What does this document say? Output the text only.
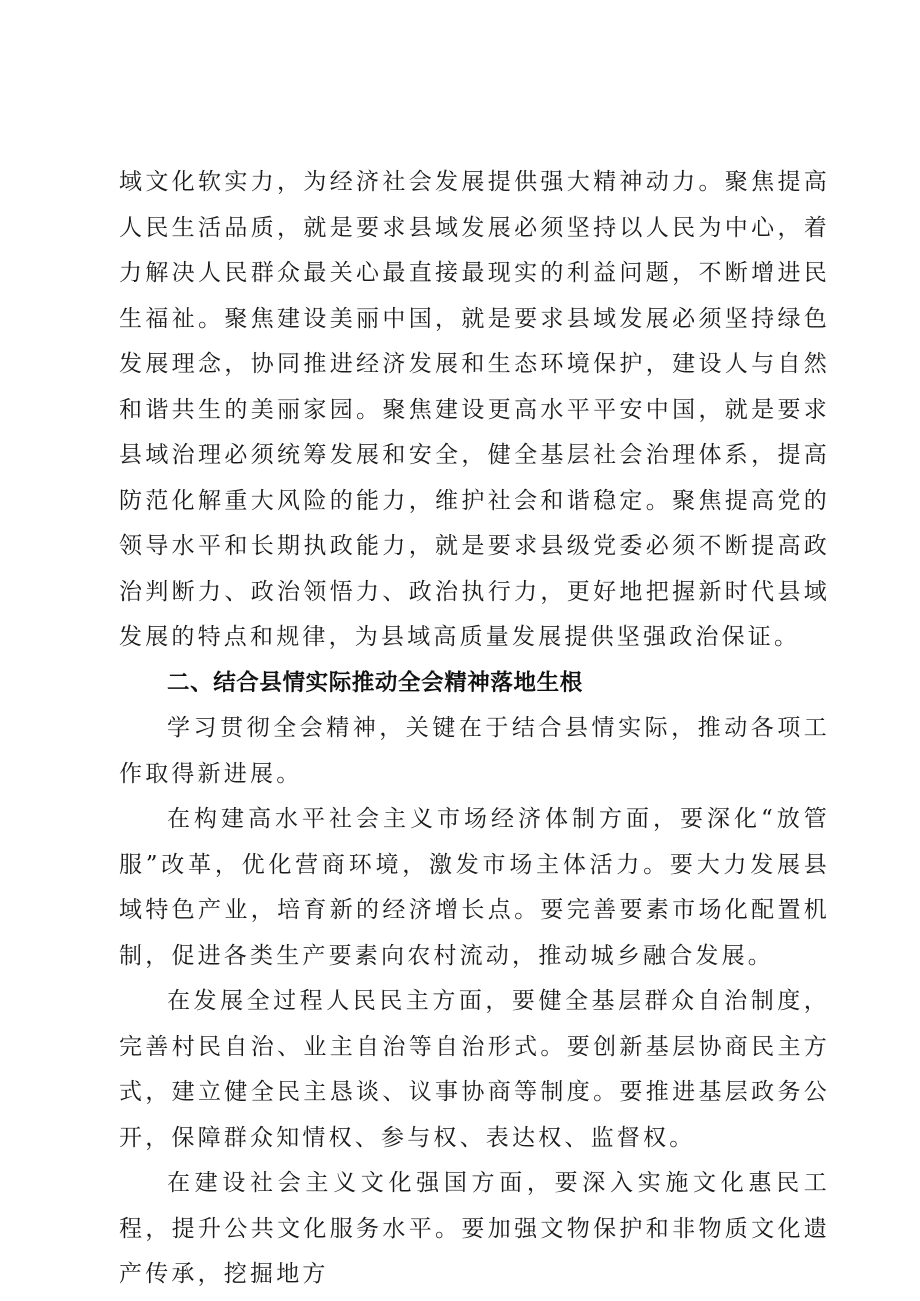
域文化软实力，为经济社会发展提供强大精神动力。聚焦提高人民生活品质，就是要求县域发展必须坚持以人民为中心，着力解决人民群众最关心最直接最现实的利益问题，不断增进民生福祉。聚焦建设美丽中国，就是要求县域发展必须坚持绿色发展理念，协同推进经济发展和生态环境保护，建设人与自然和谐共生的美丽家园。聚焦建设更高水平平安中国，就是要求县域治理必须统筹发展和安全，健全基层社会治理体系，提高防范化解重大风险的能力，维护社会和谐稳定。聚焦提高党的领导水平和长期执政能力，就是要求县级党委必须不断提高政治判断力、政治领悟力、政治执行力，更好地把握新时代县域发展的特点和规律，为县域高质量发展提供坚强政治保证。

二、结合县情实际推动全会精神落地生根

学习贯彻全会精神，关键在于结合县情实际，推动各项工作取得新进展。

在构建高水平社会主义市场经济体制方面，要深化“放管服”改革，优化营商环境，激发市场主体活力。要大力发展县域特色产业，培育新的经济增长点。要完善要素市场化配置机制，促进各类生产要素向农村流动，推动城乡融合发展。

在发展全过程人民民主方面，要健全基层群众自治制度，完善村民自治、业主自治等自治形式。要创新基层协商民主方式，建立健全民主恳谈、议事协商等制度。要推进基层政务公开，保障群众知情权、参与权、表达权、监督权。

在建设社会主义文化强国方面，要深入实施文化惠民工程，提升公共文化服务水平。要加强文物保护和非物质文化遗产传承，挖掘地方
